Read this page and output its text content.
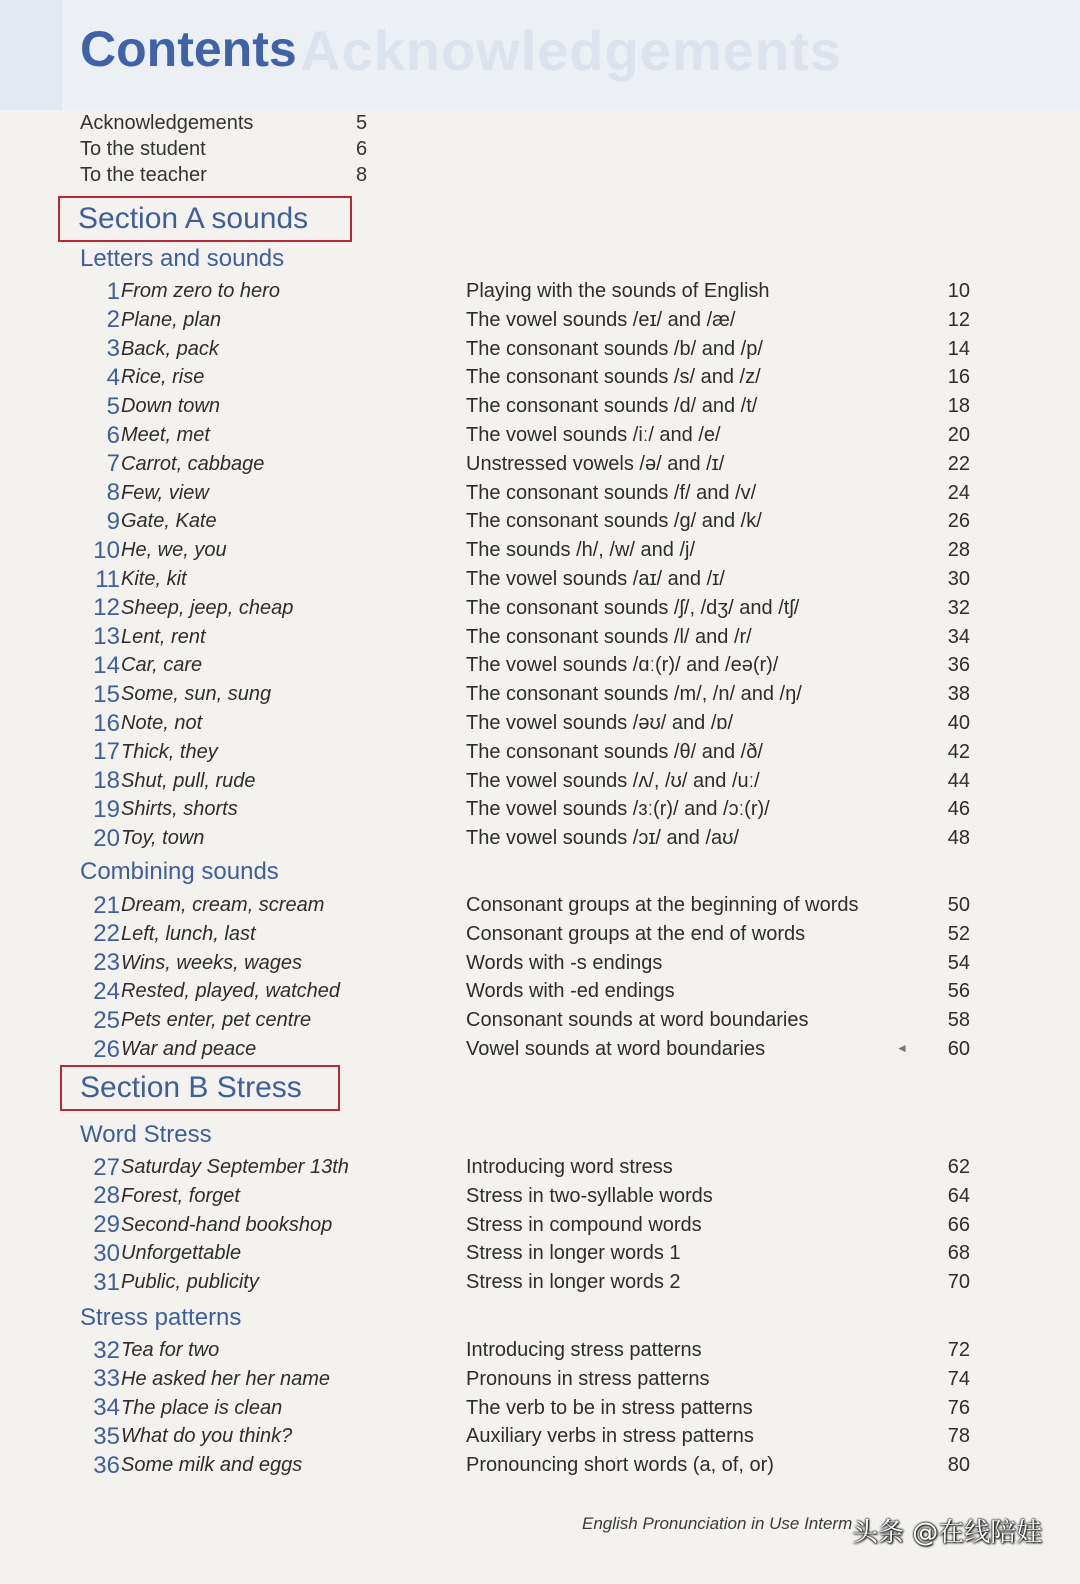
Acknowledgements
Contents
Acknowledgements	5
To the student	6
To the teacher	8
Section A sounds
Letters and sounds
1 From zero to hero	Playing with the sounds of English	10
2 Plane, plan	The vowel sounds /eɪ/ and /æ/	12
3 Back, pack	The consonant sounds /b/ and /p/	14
4 Rice, rise	The consonant sounds /s/ and /z/	16
5 Down town	The consonant sounds /d/ and /t/	18
6 Meet, met	The vowel sounds /iː/ and /e/	20
7 Carrot, cabbage	Unstressed vowels /ə/ and /ɪ/	22
8 Few, view	The consonant sounds /f/ and /v/	24
9 Gate, Kate	The consonant sounds /g/ and /k/	26
10 He, we, you	The sounds /h/, /w/ and /j/	28
11 Kite, kit	The vowel sounds /aɪ/ and /ɪ/	30
12 Sheep, jeep, cheap	The consonant sounds /ʃ/, /dʒ/ and /tʃ/	32
13 Lent, rent	The consonant sounds /l/ and /r/	34
14 Car, care	The vowel sounds /ɑː(r)/ and /eə(r)/	36
15 Some, sun, sung	The consonant sounds /m/, /n/ and /ŋ/	38
16 Note, not	The vowel sounds /əʊ/ and /ɒ/	40
17 Thick, they	The consonant sounds /θ/ and /ð/	42
18 Shut, pull, rude	The vowel sounds /ʌ/, /ʊ/ and /uː/	44
19 Shirts, shorts	The vowel sounds /ɜː(r)/ and /ɔː(r)/	46
20 Toy, town	The vowel sounds /ɔɪ/ and /aʊ/	48
Combining sounds
21 Dream, cream, scream	Consonant groups at the beginning of words	50
22 Left, lunch, last	Consonant groups at the end of words	52
23 Wins, weeks, wages	Words with -s endings	54
24 Rested, played, watched	Words with -ed endings	56
25 Pets enter, pet centre	Consonant sounds at word boundaries	58
26 War and peace	Vowel sounds at word boundaries	60
◄
Section B Stress
Word Stress
27 Saturday September 13th	Introducing word stress	62
28 Forest, forget	Stress in two-syllable words	64
29 Second-hand bookshop	Stress in compound words	66
30 Unforgettable	Stress in longer words 1	68
31 Public, publicity	Stress in longer words 2	70
Stress patterns
32 Tea for two	Introducing stress patterns	72
33 He asked her her name	Pronouns in stress patterns	74
34 The place is clean	The verb to be in stress patterns	76
35 What do you think?	Auxiliary verbs in stress patterns	78
36 Some milk and eggs	Pronouncing short words (a, of, or)	80
English Pronunciation in Use Interm 头条 @在线陪娃
